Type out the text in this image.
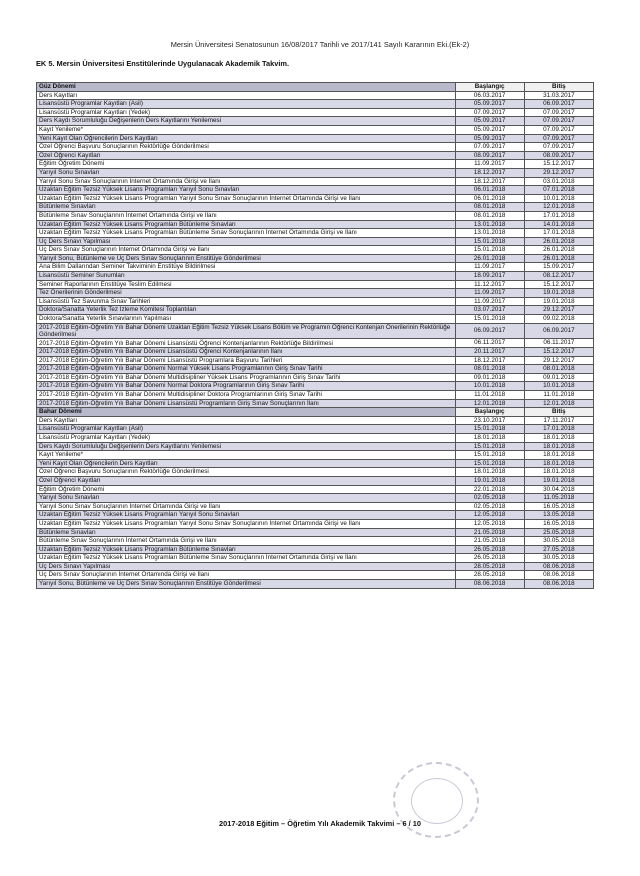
Mersin Üniversitesi Senatosunun 16/08/2017 Tarihli ve 2017/141 Sayılı Kararının Eki.(Ek-2)
EK 5. Mersin Üniversitesi Enstitülerinde Uygulanacak Akademik Takvim.
Güz Dönemi	Başlangıç	Bitiş
Ders Kayıtları	06.03.2017	31.03.2017
Lisansüstü Programlar Kayıtları (Asil)	05.09.2017	06.09.2017
Lisansüstü Programlar Kayıtları (Yedek)	07.09.2017	07.09.2017
Ders Kaydı Sorumluluğu Değişenlerin Ders Kayıtlarını Yenilemesi	05.09.2017	07.09.2017
Kayıt Yenileme*	05.09.2017	07.09.2017
Yeni Kayıt Olan Öğrencilerin Ders Kayıtları	05.09.2017	07.09.2017
Özel Öğrenci Başvuru Sonuçlarının Rektörlüğe Gönderilmesi	07.09.2017	07.09.2017
Özel Öğrenci Kayıtları	08.09.2017	08.09.2017
Eğitim Öğretim Dönemi	11.09.2017	15.12.2017
Yarıyıl Sonu Sınavları	18.12.2017	29.12.2017
Yarıyıl Sonu Sınav Sonuçlarının İnternet Ortamında Girişi ve İlanı	18.12.2017	03.01.2018
Uzaktan Eğitim Tezsiz Yüksek Lisans Programları Yarıyıl Sonu Sınavları	06.01.2018	07.01.2018
Uzaktan Eğitim Tezsiz Yüksek Lisans Programları Yarıyıl Sonu Sınav Sonuçlarının İnternet Ortamında Girişi ve İlanı	06.01.2018	10.01.2018
Bütünleme Sınavları	08.01.2018	12.01.2018
Bütünleme Sınav Sonuçlarının İnternet Ortamında Girişi ve İlanı	08.01.2018	17.01.2018
Uzaktan Eğitim Tezsiz Yüksek Lisans Programları Bütünleme Sınavları	13.01.2018	14.01.2018
Uzaktan Eğitim Tezsiz Yüksek Lisans Programları Bütünleme Sınav Sonuçlarının İnternet Ortamında Girişi ve İlanı	13.01.2018	17.01.2018
Üç Ders Sınavı Yapılması	15.01.2018	26.01.2018
Üç Ders Sınav Sonuçlarının İnternet Ortamında Girişi ve İlanı	15.01.2018	26.01.2018
Yarıyıl Sonu, Bütünleme ve Üç Ders Sınav Sonuçlarının Enstitüye Gönderilmesi	26.01.2018	26.01.2018
Ana Bilim Dallarından Seminer Takviminin Enstitüye Bildirilmesi	11.09.2017	15.09.2017
Lisansüstü Seminer Sunumları	18.09.2017	08.12.2017
Seminer Raporlarının Enstitüye Teslim Edilmesi	11.12.2017	15.12.2017
Tez Önerilerinin Gönderilmesi	11.09.2017	19.01.2018
Lisansüstü Tez Savunma Sınav Tarihleri	11.09.2017	19.01.2018
Doktora/Sanatta Yeterlik Tez İzleme Komitesi Toplantıları	03.07.2017	29.12.2017
Doktora/Sanatta Yeterlik Sınavlarının Yapılması	15.01.2018	09.02.2018
2017-2018 Eğitim-Öğretim Yılı Bahar Dönemi Uzaktan Eğitim Tezsiz Yüksek Lisans Bölüm ve Programın Öğrenci Kontenjan Önerilerinin Rektörlüğe Gönderilmesi	06.09.2017	06.09.2017
2017-2018 Eğitim-Öğretim Yılı Bahar Dönemi Lisansüstü Öğrenci Kontenjanlarının Rektörlüğe Bildirilmesi	06.11.2017	06.11.2017
2017-2018 Eğitim-Öğretim Yılı Bahar Dönemi Lisansüstü Öğrenci Kontenjanlarının İlanı	20.11.2017	15.12.2017
2017-2018 Eğitim-Öğretim Yılı Bahar Dönemi Lisansüstü Programlara Başvuru Tarihleri	18.12.2017	29.12.2017
2017-2018 Eğitim-Öğretim Yılı Bahar Dönemi Normal Yüksek Lisans Programlarının Giriş Sınav Tarihi	08.01.2018	08.01.2018
2017-2018 Eğitim-Öğretim Yılı Bahar Dönemi Multidisipliner Yüksek Lisans Programlarının Giriş Sınav Tarihi	09.01.2018	09.01.2018
2017-2018 Eğitim-Öğretim Yılı Bahar Dönemi Normal Doktora Programlarının Giriş Sınav Tarihi	10.01.2018	10.01.2018
2017-2018 Eğitim-Öğretim Yılı Bahar Dönemi Multidisipliner Doktora Programlarının Giriş Sınav Tarihi	11.01.2018	11.01.2018
2017-2018 Eğitim-Öğretim Yılı Bahar Dönemi Lisansüstü Programların Giriş Sınav Sonuçlarının İlanı	12.01.2018	12.01.2018
Bahar Dönemi	Başlangıç	Bitiş
Ders Kayıtları	23.10.2017	17.11.2017
Lisansüstü Programlar Kayıtları (Asil)	15.01.2018	17.01.2018
Lisansüstü Programlar Kayıtları (Yedek)	18.01.2018	18.01.2018
Ders Kaydı Sorumluluğu Değişenlerin Ders Kayıtlarını Yenilemesi	15.01.2018	18.01.2018
Kayıt Yenileme*	15.01.2018	18.01.2018
Yeni Kayıt Olan Öğrencilerin Ders Kayıtları	15.01.2018	18.01.2018
Özel Öğrenci Başvuru Sonuçlarının Rektörlüğe Gönderilmesi	18.01.2018	18.01.2018
Özel Öğrenci Kayıtları	19.01.2018	19.01.2018
Eğitim Öğretim Dönemi	22.01.2018	30.04.2018
Yarıyıl Sonu Sınavları	02.05.2018	11.05.2018
Yarıyıl Sonu Sınav Sonuçlarının İnternet Ortamında Girişi ve İlanı	02.05.2018	16.05.2018
Uzaktan Eğitim Tezsiz Yüksek Lisans Programları Yarıyıl Sonu Sınavları	12.05.2018	13.05.2018
Uzaktan Eğitim Tezsiz Yüksek Lisans Programları Yarıyıl Sonu Sınav Sonuçlarının İnternet Ortamında Girişi ve İlanı	12.05.2018	16.05.2018
Bütünleme Sınavları	21.05.2018	25.05.2018
Bütünleme Sınav Sonuçlarının İnternet Ortamında Girişi ve İlanı	21.05.2018	30.05.2018
Uzaktan Eğitim Tezsiz Yüksek Lisans Programları Bütünleme Sınavları	26.05.2018	27.05.2018
Uzaktan Eğitim Tezsiz Yüksek Lisans Programları Bütünleme Sınav Sonuçlarının İnternet Ortamında Girişi ve İlanı	26.05.2018	30.05.2018
Üç Ders Sınavı Yapılması	28.05.2018	08.06.2018
Üç Ders Sınav Sonuçlarının İnternet Ortamında Girişi ve İlanı	28.05.2018	08.06.2018
Yarıyıl Sonu, Bütünleme ve Üç Ders Sınav Sonuçlarının Enstitüye Gönderilmesi	08.06.2018	08.06.2018
2017-2018 Eğitim – Öğretim Yılı Akademik Takvimi – 6 / 10
